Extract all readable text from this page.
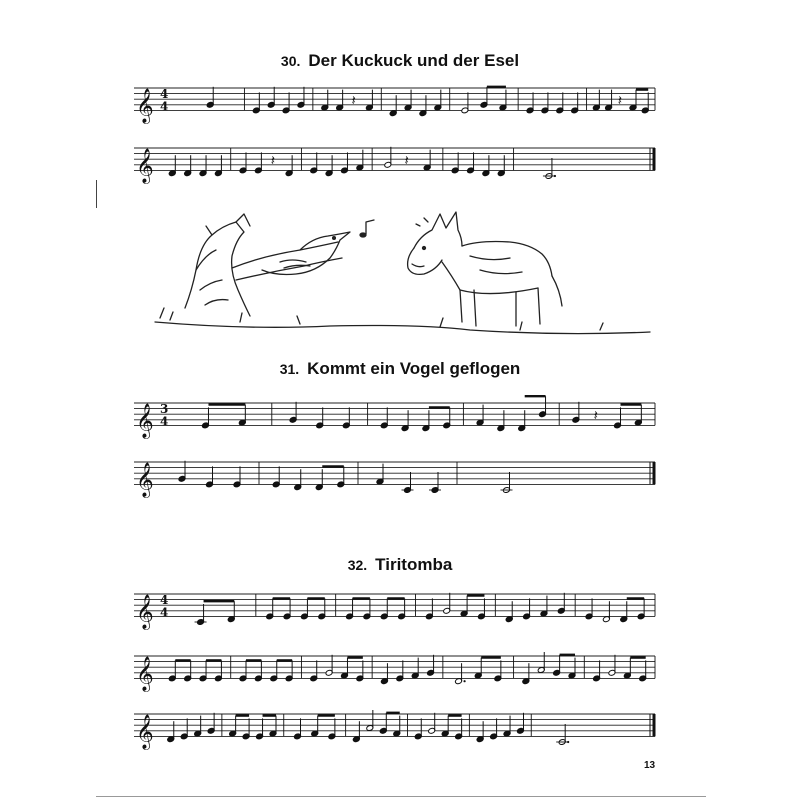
30. Der Kuckuck und der Esel
31. Kommt ein Vogel geflogen
32. Tiritomba
𝄞 4
4	𝄽	𝄽
𝄞	𝄽	𝄽
𝄞 3
4	𝄽
𝄞
𝄞 4
4
𝄞
𝄞
13
